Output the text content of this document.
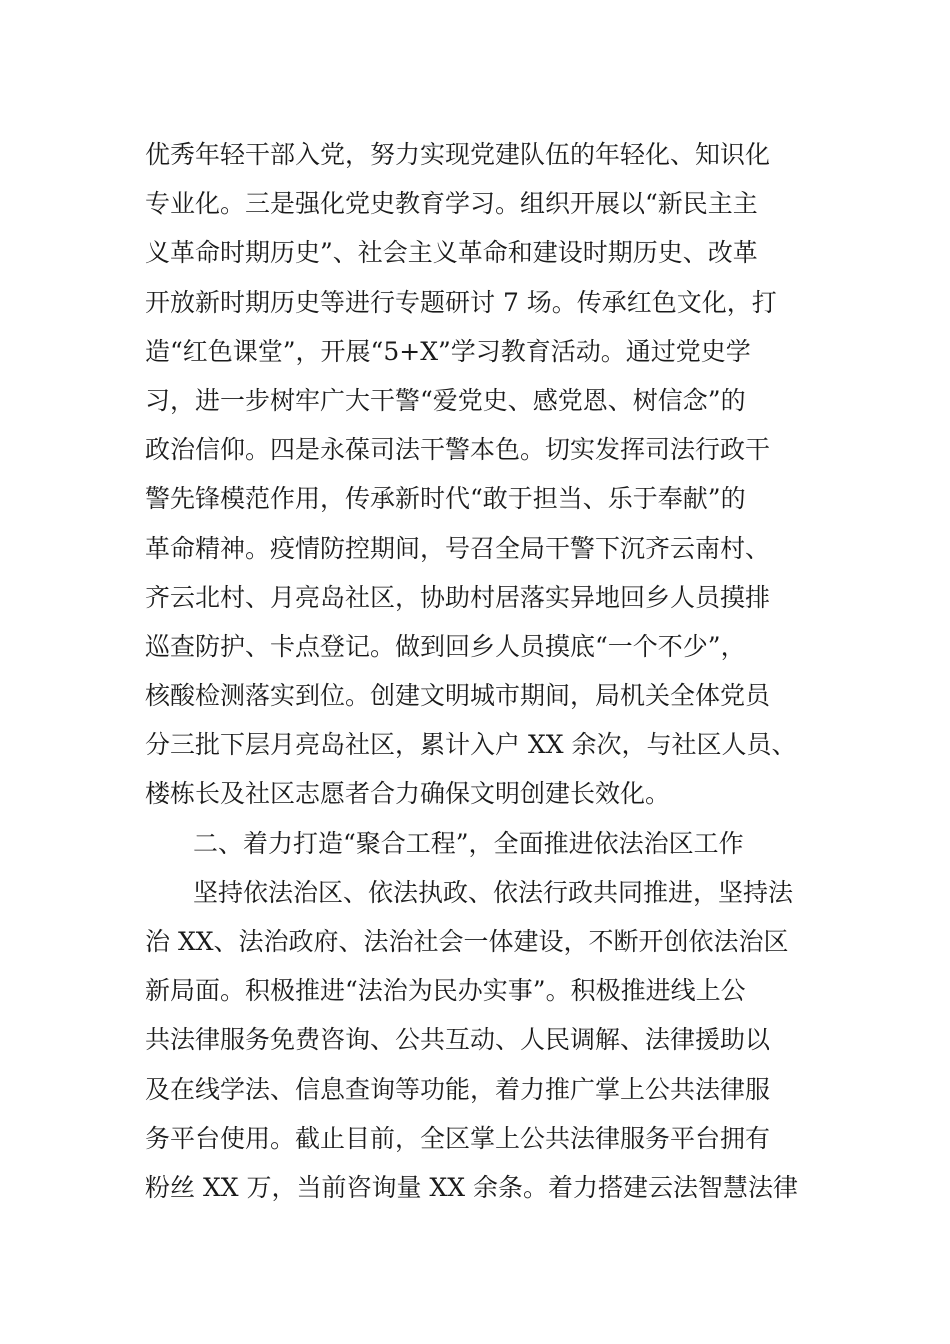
优秀年轻干部入党，努力实现党建队伍的年轻化、知识化
专业化。三是强化党史教育学习。组织开展以“新民主主
义革命时期历史”、社会主义革命和建设时期历史、改革
开放新时期历史等进行专题研讨 7 场。传承红色文化，打
造“红色课堂”，开展“5+X”学习教育活动。通过党史学
习，进一步树牢广大干警“爱党史、感党恩、树信念”的
政治信仰。四是永葆司法干警本色。切实发挥司法行政干
警先锋模范作用，传承新时代“敢于担当、乐于奉献”的
革命精神。疫情防控期间，号召全局干警下沉齐云南村、
齐云北村、月亮岛社区，协助村居落实异地回乡人员摸排
巡查防护、卡点登记。做到回乡人员摸底“一个不少”，
核酸检测落实到位。创建文明城市期间，局机关全体党员
分三批下层月亮岛社区，累计入户 XX 余次，与社区人员、
楼栋长及社区志愿者合力确保文明创建长效化。
二、着力打造“聚合工程”，全面推进依法治区工作
坚持依法治区、依法执政、依法行政共同推进，坚持法
治 XX、法治政府、法治社会一体建设，不断开创依法治区
新局面。积极推进“法治为民办实事”。积极推进线上公
共法律服务免费咨询、公共互动、人民调解、法律援助以
及在线学法、信息查询等功能，着力推广掌上公共法律服
务平台使用。截止目前，全区掌上公共法律服务平台拥有
粉丝 XX 万，当前咨询量 XX 余条。着力搭建云法智慧法律
